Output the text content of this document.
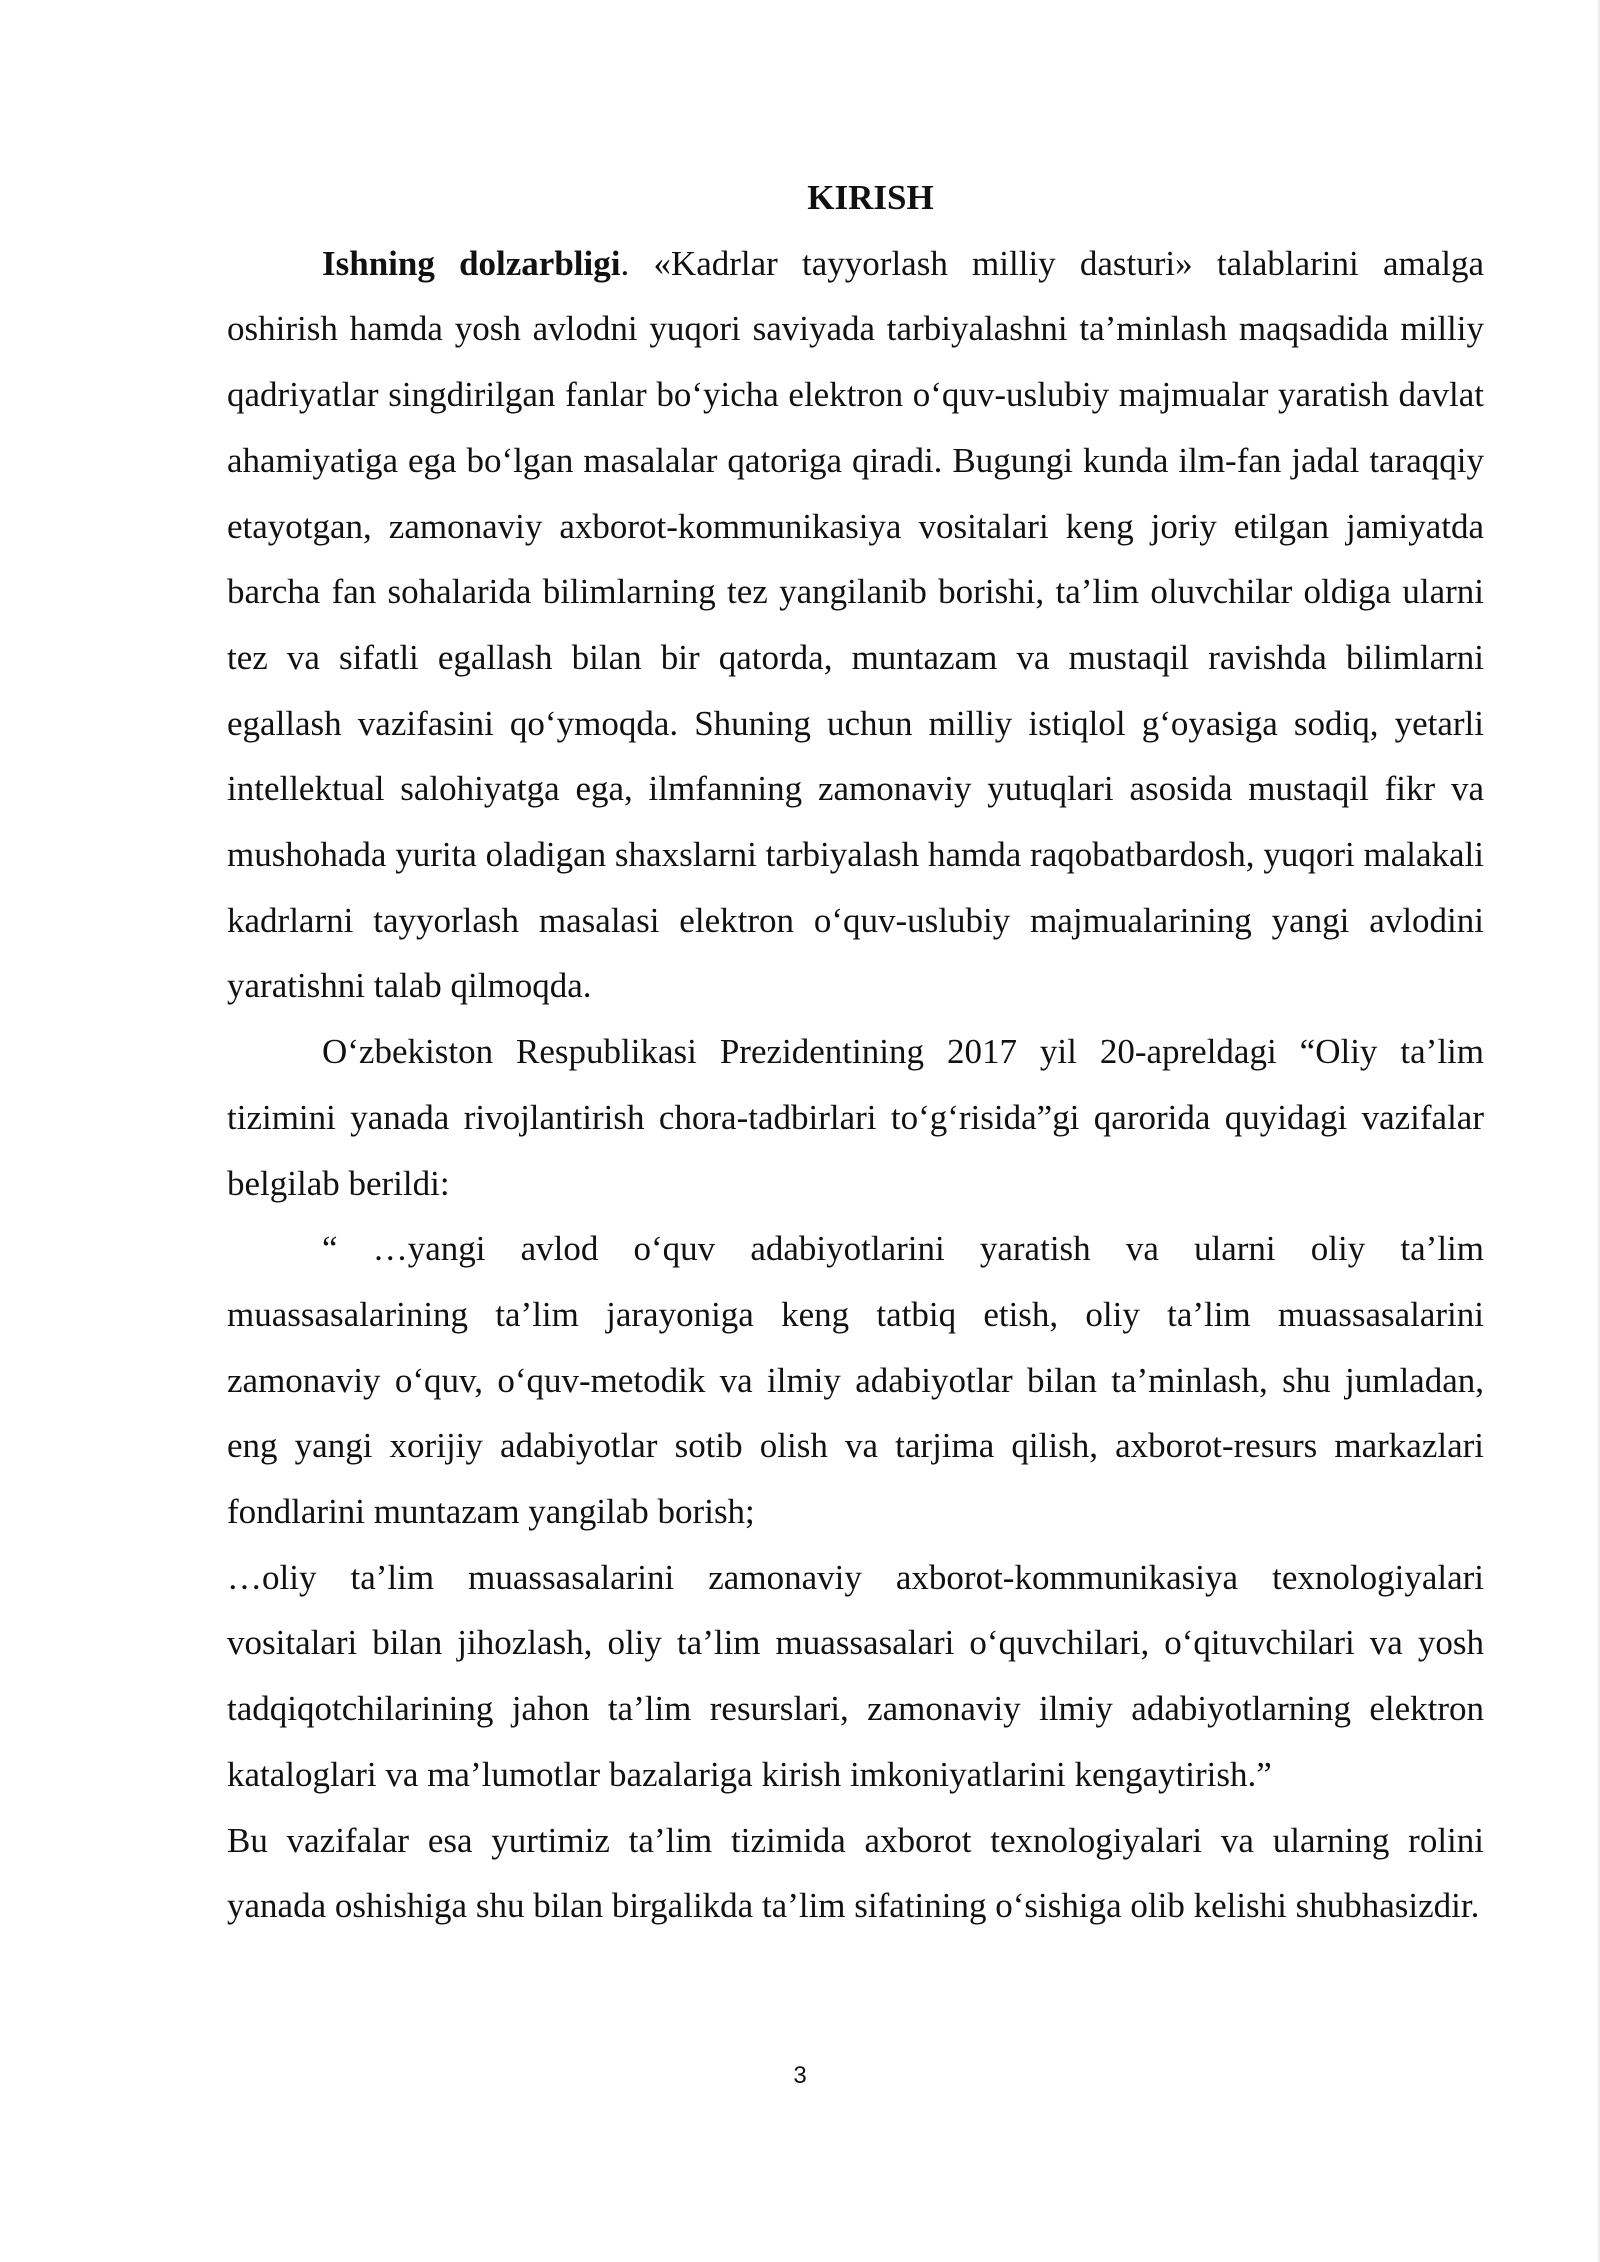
KIRISH

Ishning dolzarbligi. «Kadrlar tayyorlash milliy dasturi» talablarini amalga oshirish hamda yosh avlodni yuqori saviyada tarbiyalashni ta’minlash maqsadida milliy qadriyatlar singdirilgan fanlar bo‘yicha elektron o‘quv-uslubiy majmualar yaratish davlat ahamiyatiga ega bo‘lgan masalalar qatoriga qiradi. Bugungi kunda ilm-fan jadal taraqqiy etayotgan, zamonaviy axborot-kommunikasiya vositalari keng joriy etilgan jamiyatda barcha fan sohalarida bilimlarning tez yangilanib borishi, ta’lim oluvchilar oldiga ularni tez va sifatli egallash bilan bir qatorda, muntazam va mustaqil ravishda bilimlarni egallash vazifasini qo‘ymoqda. Shuning uchun milliy istiqlol g‘oyasiga sodiq, yetarli intellektual salohiyatga ega, ilmfanning zamonaviy yutuqlari asosida mustaqil fikr va mushohada yurita oladigan shaxslarni tarbiyalash hamda raqobatbardosh, yuqori malakali kadrlarni tayyorlash masalasi elektron o‘quv-uslubiy majmualarining yangi avlodini yaratishni talab qilmoqda.

O‘zbekiston Respublikasi Prezidentining 2017 yil 20-apreldagi “Oliy ta’lim tizimini yanada rivojlantirish chora-tadbirlari to‘g‘risida”gi qarorida quyidagi vazifalar belgilab berildi:

“ …yangi avlod o‘quv adabiyotlarini yaratish va ularni oliy ta’lim muassasalarining ta’lim jarayoniga keng tatbiq etish, oliy ta’lim muassasalarini zamonaviy o‘quv, o‘quv-metodik va ilmiy adabiyotlar bilan ta’minlash, shu jumladan, eng yangi xorijiy adabiyotlar sotib olish va tarjima qilish, axborot-resurs markazlari fondlarini muntazam yangilab borish;

…oliy ta’lim muassasalarini zamonaviy axborot-kommunikasiya texnologiyalari vositalari bilan jihozlash, oliy ta’lim muassasalari o‘quvchilari, o‘qituvchilari va yosh tadqiqotchilarining jahon ta’lim resurslari, zamonaviy ilmiy adabiyotlarning elektron kataloglari va ma’lumotlar bazalariga kirish imkoniyatlarini kengaytirish.”

Bu vazifalar esa yurtimiz ta’lim tizimida axborot texnologiyalari va ularning rolini yanada oshishiga shu bilan birgalikda ta’lim sifatining o‘sishiga olib kelishi shubhasizdir.

3
